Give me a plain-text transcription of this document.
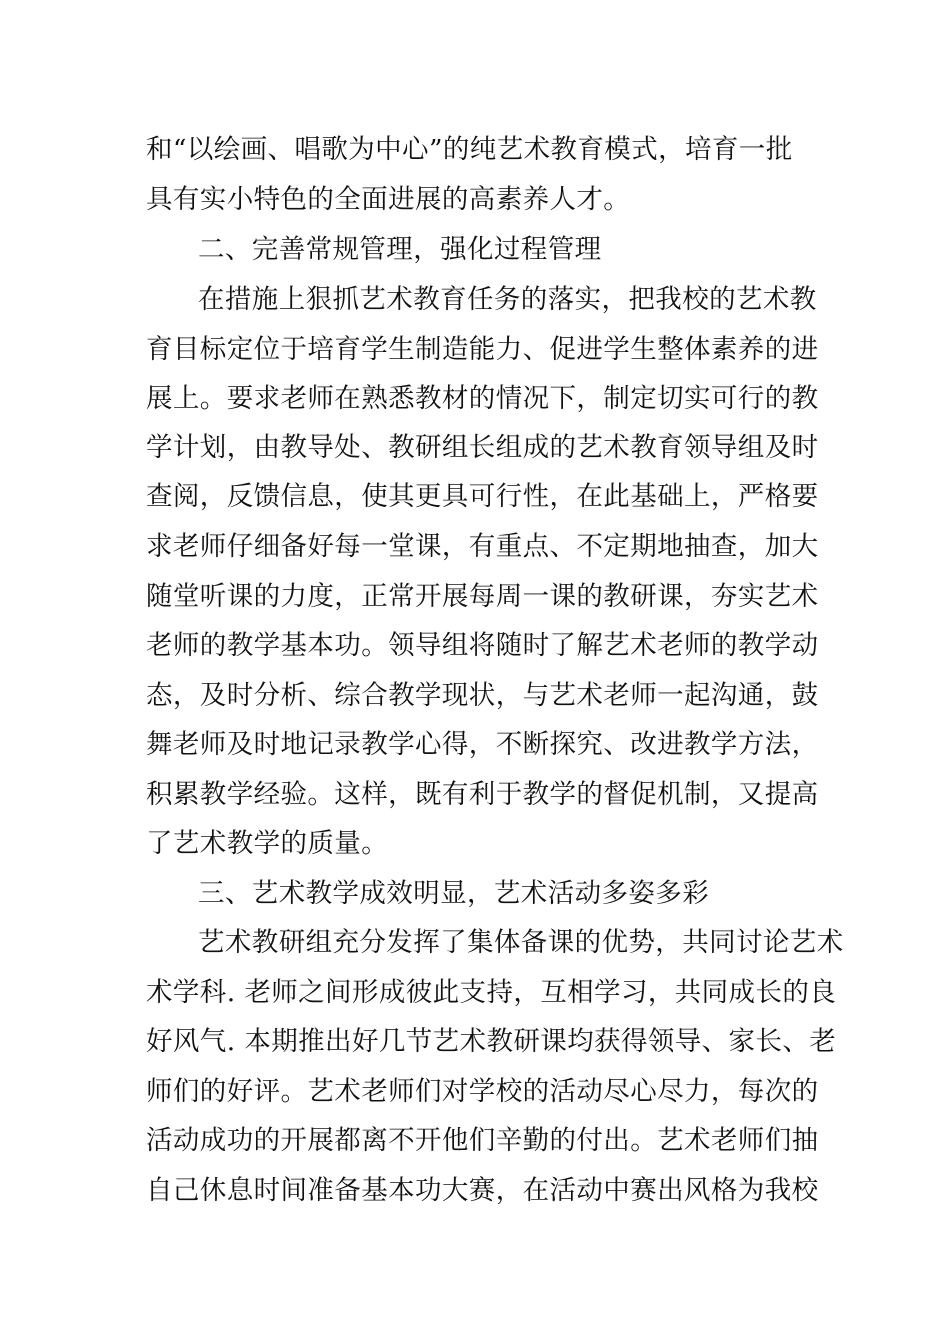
和“以绘画、唱歌为中心”的纯艺术教育模式，培育一批
具有实小特色的全面进展的高素养人才。
二、完善常规管理，强化过程管理
在措施上狠抓艺术教育任务的落实，把我校的艺术教
育目标定位于培育学生制造能力、促进学生整体素养的进
展上。要求老师在熟悉教材的情况下，制定切实可行的教
学计划，由教导处、教研组长组成的艺术教育领导组及时
查阅，反馈信息，使其更具可行性，在此基础上，严格要
求老师仔细备好每一堂课，有重点、不定期地抽查，加大
随堂听课的力度，正常开展每周一课的教研课，夯实艺术
老师的教学基本功。领导组将随时了解艺术老师的教学动
态，及时分析、综合教学现状，与艺术老师一起沟通，鼓
舞老师及时地记录教学心得，不断探究、改进教学方法，
积累教学经验。这样，既有利于教学的督促机制，又提高
了艺术教学的质量。
三、艺术教学成效明显，艺术活动多姿多彩
艺术教研组充分发挥了集体备课的优势，共同讨论艺术
术学科. 老师之间形成彼此支持，互相学习，共同成长的良
好风气. 本期推出好几节艺术教研课均获得领导、家长、老
师们的好评。艺术老师们对学校的活动尽心尽力，每次的
活动成功的开展都离不开他们辛勤的付出。艺术老师们抽
自己休息时间准备基本功大赛，在活动中赛出风格为我校
